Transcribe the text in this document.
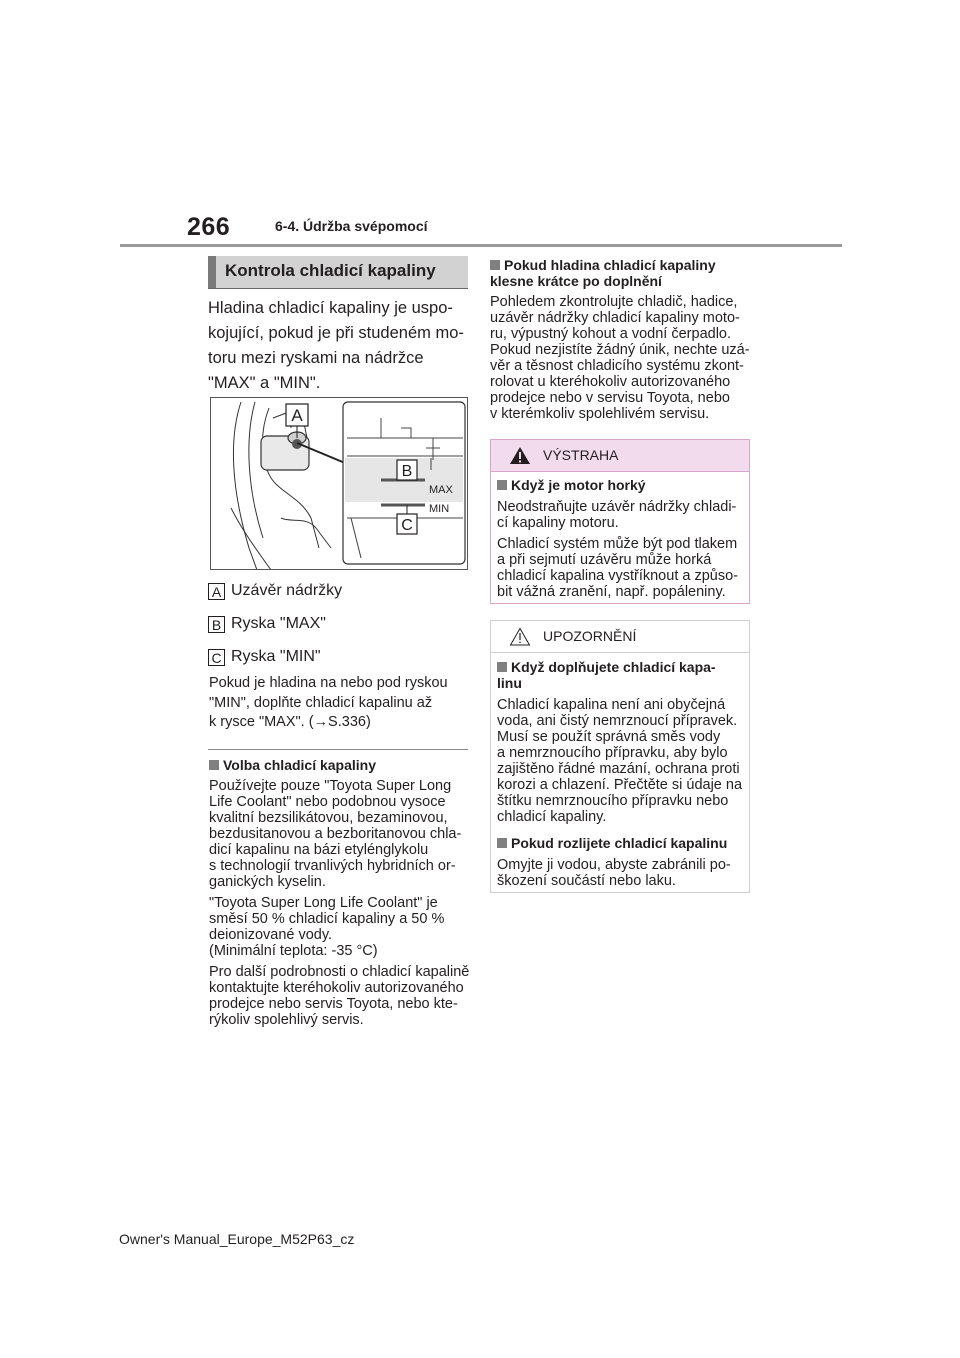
266	6-4. Údržba svépomocí
Kontrola chladicí kapaliny

Hladina chladicí kapaliny je uspo-

kojující, pokud je při studeném mo-

toru mezi ryskami na nádržce

"MAX" a "MIN".

A
MAX
MIN
B
C
A Uzávěr nádržky
B Ryska "MAX"
C Ryska "MIN"

Pokud je hladina na nebo pod ryskou

"MIN", doplňte chladicí kapalinu až

k rysce "MAX". (→S.336)

Volba chladicí kapaliny

Používejte pouze "Toyota Super Long
Life Coolant" nebo podobnou vysoce
kvalitní bezsilikátovou, bezaminovou,
bezdusitanovou a bezboritanovou chla-
dicí kapalinu na bázi etylénglykolu
s technologií trvanlivých hybridních or-
ganických kyselin.

"Toyota Super Long Life Coolant" je
směsí 50 % chladicí kapaliny a 50 %
deionizované vody.
(Minimální teplota: -35 °C)

Pro další podrobnosti o chladicí kapalině
kontaktujte kteréhokoliv autorizovaného
prodejce nebo servis Toyota, nebo kte-
rýkoliv spolehlivý servis.

Pokud hladina chladicí kapaliny
klesne krátce po doplnění
Pohledem zkontrolujte chladič, hadice,
uzávěr nádržky chladicí kapaliny moto-
ru, výpustný kohout a vodní čerpadlo.
Pokud nezjistíte žádný únik, nechte uzá-
věr a těsnost chladicího systému zkont-
rolovat u kteréhokoliv autorizovaného
prodejce nebo v servisu Toyota, nebo
v kterémkoliv spolehlivém servisu.
VÝSTRAHA
Když je motor horký

Neodstraňujte uzávěr nádržky chladi-
cí kapaliny motoru.

Chladicí systém může být pod tlakem
a při sejmutí uzávěru může horká
chladicí kapalina vystříknout a způso-
bit vážná zranění, např. popáleniny.

UPOZORNĚNÍ
Když doplňujete chladicí kapa-
linu

Chladicí kapalina není ani obyčejná
voda, ani čistý nemrznoucí přípravek.
Musí se použít správná směs vody
a nemrznoucího přípravku, aby bylo
zajištěno řádné mazání, ochrana proti
korozi a chlazení. Přečtěte si údaje na
štítku nemrznoucího přípravku nebo
chladicí kapaliny.

Pokud rozlijete chladicí kapalinu
Omyjte ji vodou, abyste zabránili po-
škození součástí nebo laku.
Owner's Manual_Europe_M52P63_cz
